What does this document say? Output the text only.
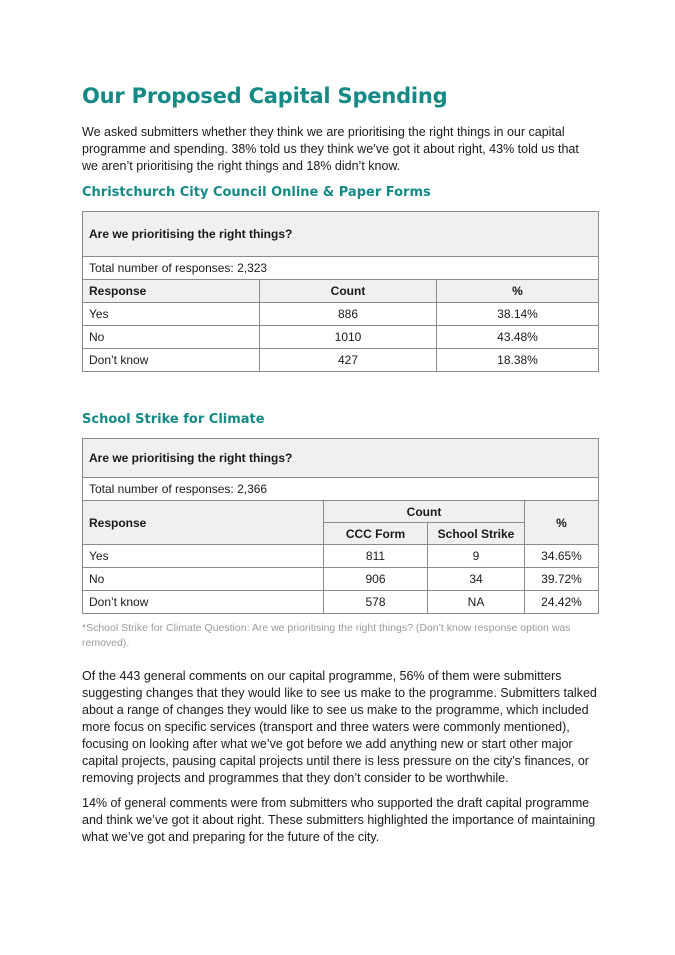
Our Proposed Capital Spending

We asked submitters whether they think we are prioritising the right things in our capital programme and spending. 38% told us they think we’ve got it about right, 43% told us that we aren’t prioritising the right things and 18% didn’t know.

Christchurch City Council Online & Paper Forms
Are we prioritising the right things?		
Total number of responses: 2,323		
Response	Count	%
Yes	886	38.14%
No	1010	43.48%
Don’t know	427	18.38%
School Strike for Climate
Are we prioritising the right things?			
Total number of responses: 2,366			
Response	Count		%
	CCC Form	School Strike	
Yes	811	9	34.65%
No	906	34	39.72%
Don’t know	578	NA	24.42%

*School Strike for Climate Question: Are we prioritising the right things? (Don’t know response option was removed).

Of the 443 general comments on our capital programme, 56% of them were submitters suggesting changes that they would like to see us make to the programme. Submitters talked about a range of changes they would like to see us make to the programme, which included more focus on specific services (transport and three waters were commonly mentioned), focusing on looking after what we’ve got before we add anything new or start other major capital projects, pausing capital projects until there is less pressure on the city’s finances, or removing projects and programmes that they don’t consider to be worthwhile.

14% of general comments were from submitters who supported the draft capital programme and think we’ve got it about right. These submitters highlighted the importance of maintaining what we’ve got and preparing for the future of the city.
